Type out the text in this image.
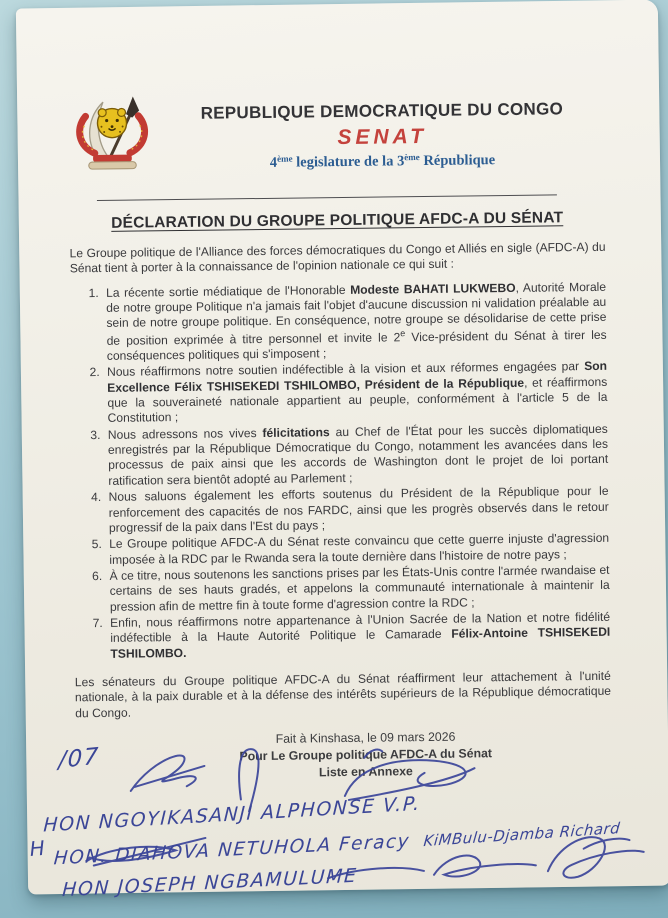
REPUBLIQUE DEMOCRATIQUE DU CONGO
SENAT
4ème legislature de la 3ème République
DÉCLARATION DU GROUPE POLITIQUE AFDC-A DU SÉNAT

Le Groupe politique de l'Alliance des forces démocratiques du Congo et Alliés en sigle (AFDC-A) du Sénat tient à porter à la connaissance de l'opinion nationale ce qui suit :

1. La récente sortie médiatique de l'Honorable Modeste BAHATI LUKWEBO, Autorité Morale de notre groupe Politique n'a jamais fait l'objet d'aucune discussion ni validation préalable au sein de notre groupe politique. En conséquence, notre groupe se désolidarise de cette prise de position exprimée à titre personnel et invite le 2e Vice-président du Sénat à tirer les conséquences politiques qui s'imposent ;
2. Nous réaffirmons notre soutien indéfectible à la vision et aux réformes engagées par Son Excellence Félix TSHISEKEDI TSHILOMBO, Président de la République, et réaffirmons que la souveraineté nationale appartient au peuple, conformément à l'article 5 de la Constitution ;
3. Nous adressons nos vives félicitations au Chef de l'État pour les succès diplomatiques enregistrés par la République Démocratique du Congo, notamment les avancées dans les processus de paix ainsi que les accords de Washington dont le projet de loi portant ratification sera bientôt adopté au Parlement ;
4. Nous saluons également les efforts soutenus du Président de la République pour le renforcement des capacités de nos FARDC, ainsi que les progrès observés dans le retour progressif de la paix dans l'Est du pays ;
5. Le Groupe politique AFDC-A du Sénat reste convaincu que cette guerre injuste d'agression imposée à la RDC par le Rwanda sera la toute dernière dans l'histoire de notre pays ;
6. À ce titre, nous soutenons les sanctions prises par les États-Unis contre l'armée rwandaise et certains de ses hauts gradés, et appelons la communauté internationale à maintenir la pression afin de mettre fin à toute forme d'agression contre la RDC ;
7. Enfin, nous réaffirmons notre appartenance à l'Union Sacrée de la Nation et notre fidélité indéfectible à la Haute Autorité Politique le Camarade Félix-Antoine TSHISEKEDI TSHILOMBO.

Les sénateurs du Groupe politique AFDC-A du Sénat réaffirment leur attachement à l'unité nationale, à la paix durable et à la défense des intérêts supérieurs de la République démocratique du Congo.

Fait à Kinshasa, le 09 mars 2026
Pour Le Groupe politique AFDC-A du Sénat
Liste en Annexe
/07
HON NGOYIKASANJI ALPHONSE V.P.
H HON. DIAHOVA NETUHOLA Feracy KiMBulu-Djamba Richard
HON JOSEPH NGBAMULUME
